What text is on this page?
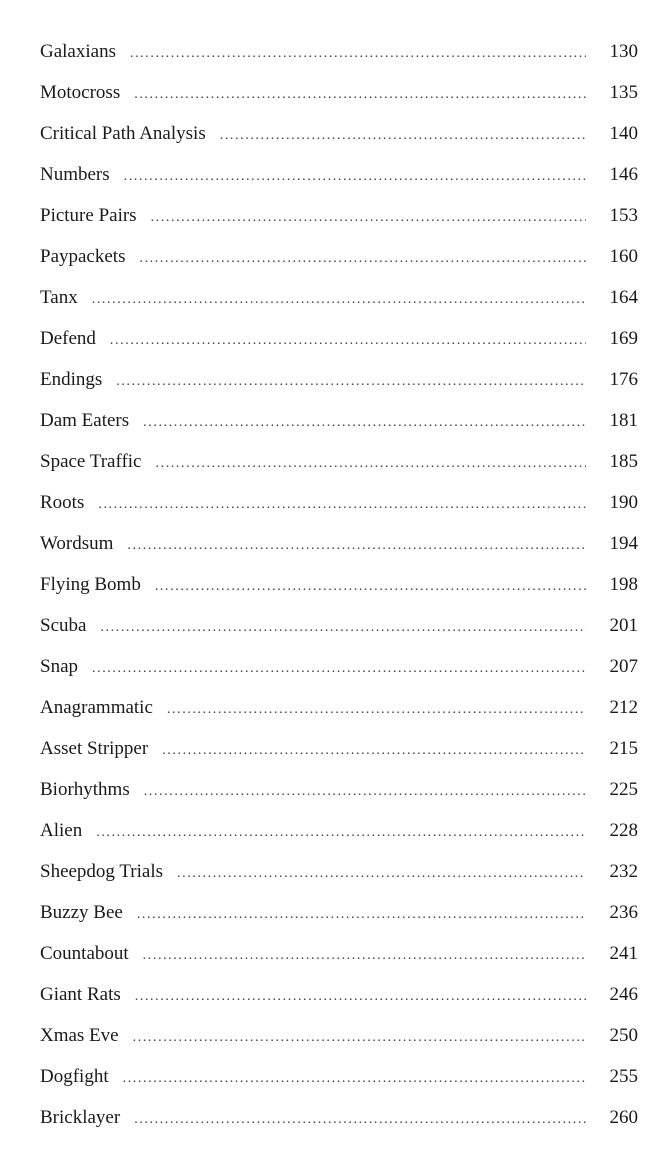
Galaxians .....	130
Motocross .....	135
Critical Path Analysis .....	140
Numbers .....	146
Picture Pairs .....	153
Paypackets .....	160
Tanx .....	164
Defend .....	169
Endings .....	176
Dam Eaters .....	181
Space Traffic .....	185
Roots .....	190
Wordsum .....	194
Flying Bomb .....	198
Scuba .....	201
Snap .....	207
Anagrammatic .....	212
Asset Stripper .....	215
Biorhythms .....	225
Alien .....	228
Sheepdog Trials .....	232
Buzzy Bee .....	236
Countabout .....	241
Giant Rats .....	246
Xmas Eve .....	250
Dogfight .....	255
Bricklayer .....	260
